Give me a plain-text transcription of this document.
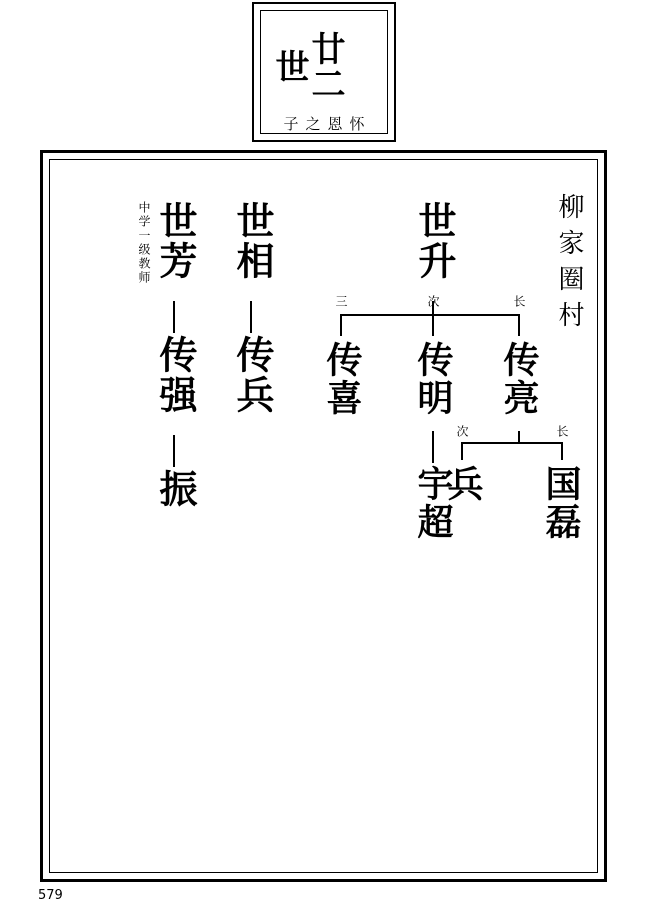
廿二世
子之恩怀
柳家圈村
世芳
中学一级教师
传强
振
世相
传兵
世升
三	次	长
传喜 传明 传亮
宇超
次	长
兵 国磊
579
